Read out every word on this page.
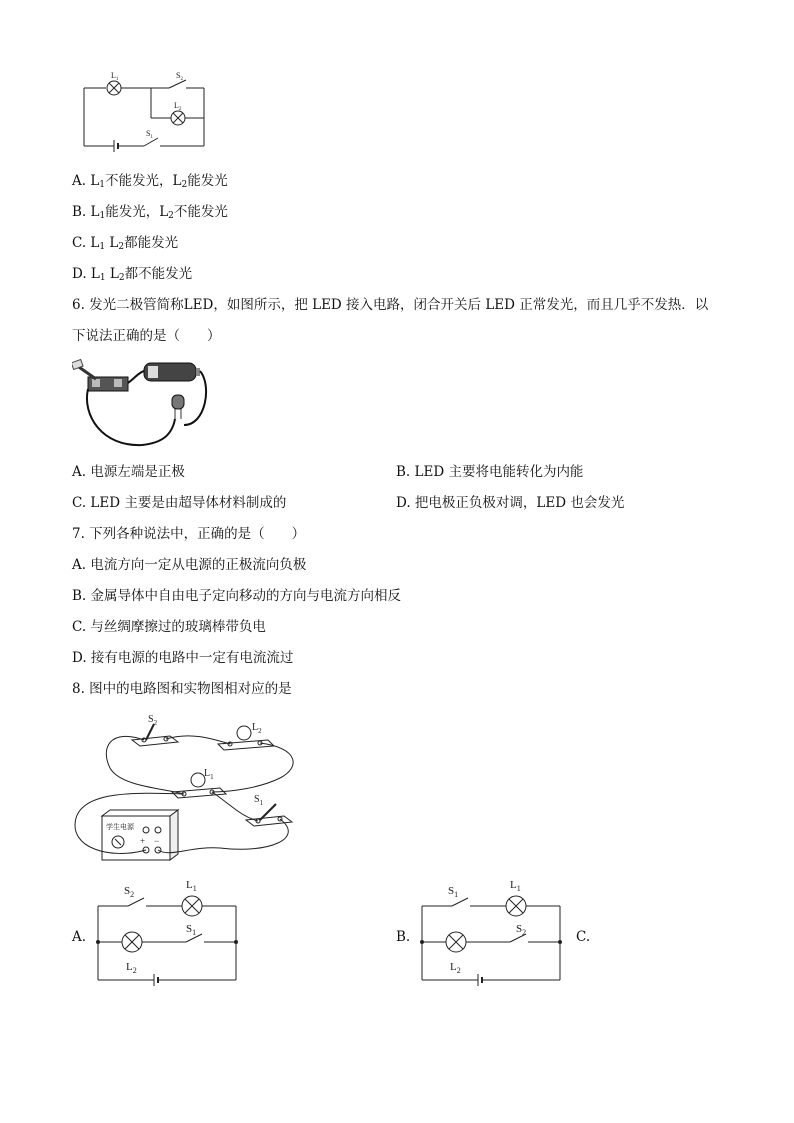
$L_1$	$S_2$
$L_2$
$S_1$
A. $L_1$不能发光，$L_2$能发光
B. $L_1$能发光，$L_2$不能发光
C. $L_1$ $L_2$都能发光
D. $L_1$ $L_2$都不能发光
6. 发光二极管简称LED，如图所示，把 LED 接入电路，闭合开关后 LED 正常发光，而且几乎不发热．以
下说法正确的是（　　）
A. 电源左端是正极	B. LED 主要将电能转化为内能
C. LED 主要是由超导体材料制成的	D. 把电极正负极对调，LED 也会发光
7. 下列各种说法中，正确的是（　　）
A. 电流方向一定从电源的正极流向负极
B. 金属导体中自由电子定向移动的方向与电流方向相反
C. 与丝绸摩擦过的玻璃棒带负电
D. 接有电源的电路中一定有电流流过
8. 图中的电路图和实物图相对应的是
$S_2$	$L_2$
$L_1$
$S_1$
学生电源
+ −
A.
$S_2$
$L_1$
$S_1$
$L_2$
B.
$S_1$
$L_1$
$S_2$
$L_2$
C.
